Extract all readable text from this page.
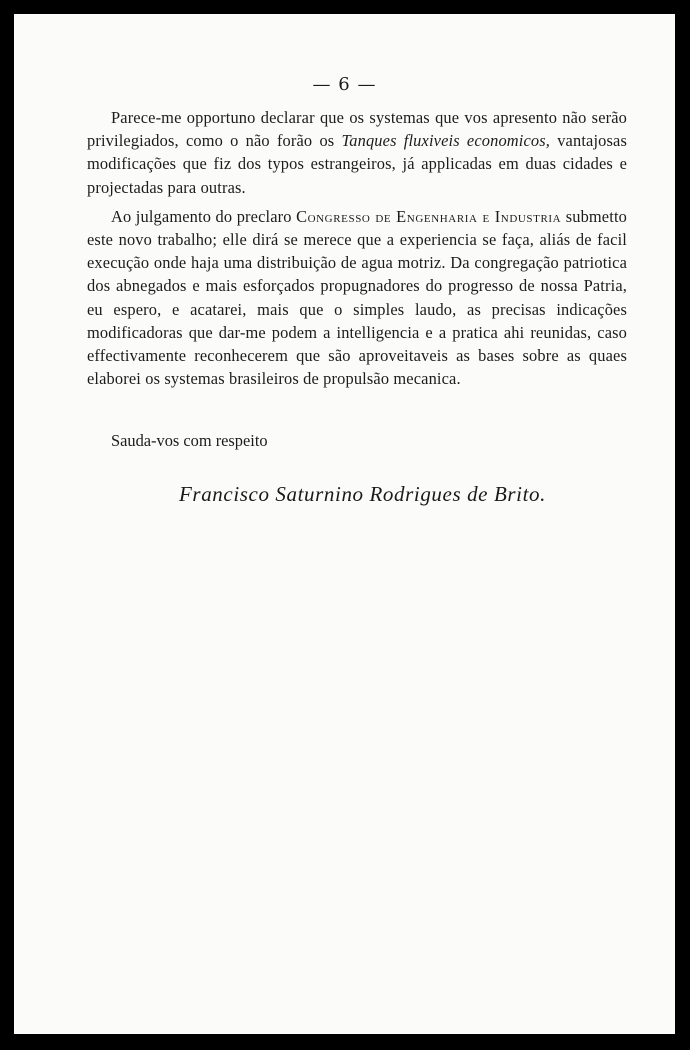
— 6 —

Parece-me opportuno declarar que os systemas que vos apresento não serão privilegiados, como o não forão os Tanques fluxiveis economicos, vantajosas modificações que fiz dos typos estrangeiros, já applicadas em duas cidades e projectadas para outras.

Ao julgamento do preclaro Congresso de Engenharia e Industria submetto este novo trabalho; elle dirá se merece que a experiencia se faça, aliás de facil execução onde haja uma distribuição de agua motriz. Da congregação patriotica dos abnegados e mais esforçados propugnadores do progresso de nossa Patria, eu espero, e acatarei, mais que o simples laudo, as precisas indicações modificadoras que dar-me podem a intelligencia e a pratica ahi reunidas, caso effectivamente reconhecerem que são aproveitaveis as bases sobre as quaes elaborei os systemas brasileiros de propulsão mecanica.

Sauda-vos com respeito
Francisco Saturnino Rodrigues de Brito.
